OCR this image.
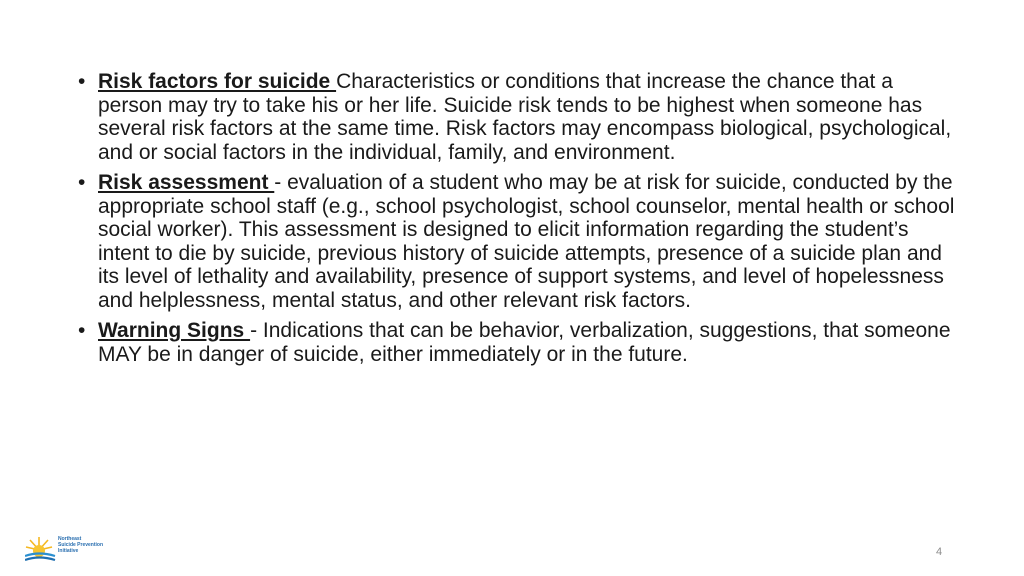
• Risk factors for suicide Characteristics or conditions that increase the chance that a person may try to take his or her life. Suicide risk tends to be highest when someone has several risk factors at the same time. Risk factors may encompass biological, psychological, and or social factors in the individual, family, and environment.
• Risk assessment - evaluation of a student who may be at risk for suicide, conducted by the appropriate school staff (e.g., school psychologist, school counselor, mental health or school social worker). This assessment is designed to elicit information regarding the student’s intent to die by suicide, previous history of suicide attempts, presence of a suicide plan and its level of lethality and availability, presence of support systems, and level of hopelessness and helplessness, mental status, and other relevant risk factors.
• Warning Signs - Indications that can be behavior, verbalization, suggestions, that someone MAY be in danger of suicide, either immediately or in the future.
Northeast
Suicide Prevention
Initiative	4
